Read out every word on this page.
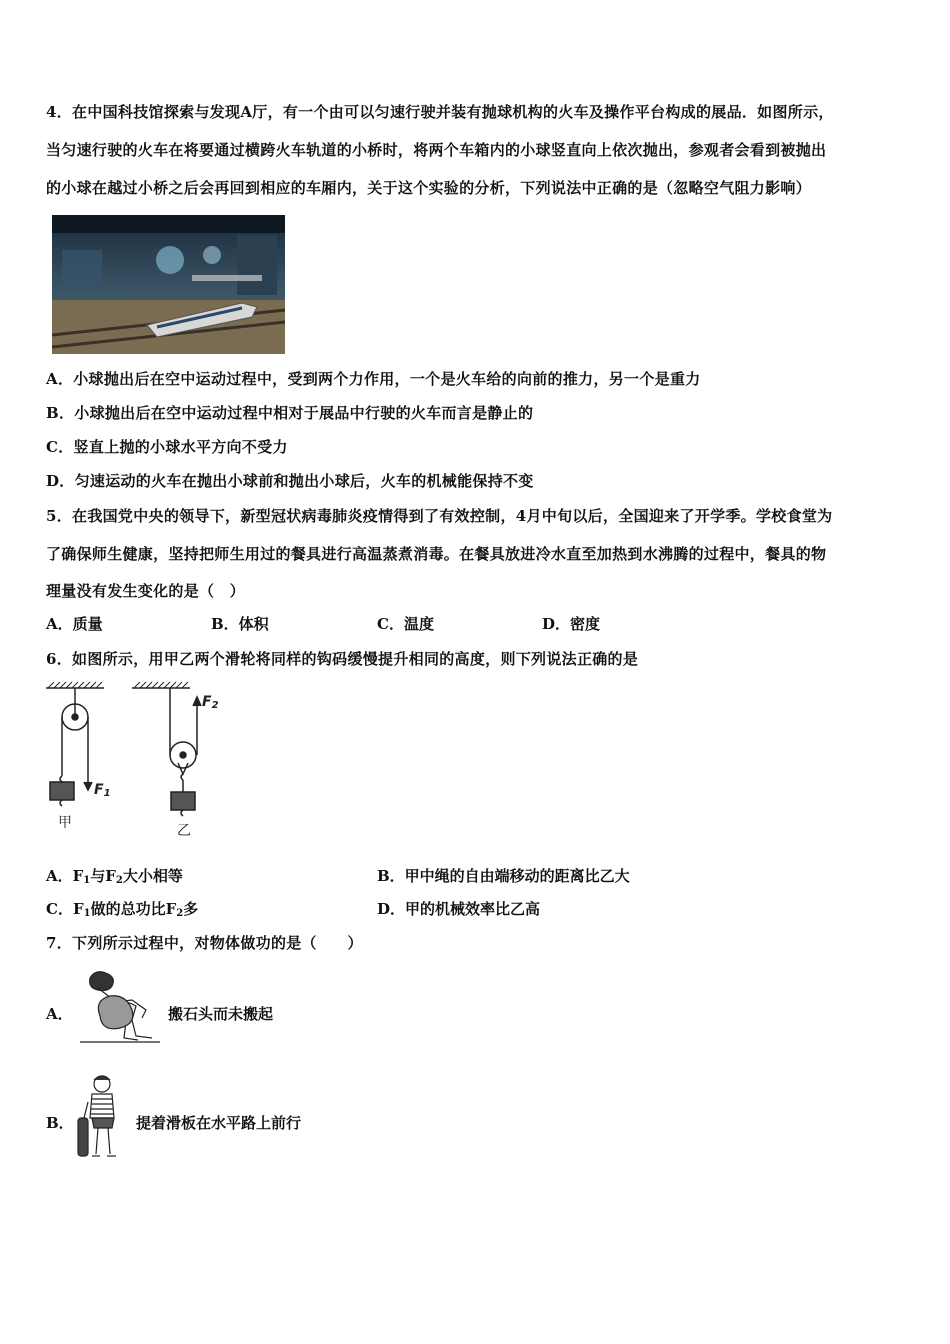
4．在中国科技馆探索与发现A厅，有一个由可以匀速行驶并装有抛球机构的火车及操作平台构成的展品．如图所示，
当匀速行驶的火车在将要通过横跨火车轨道的小桥时，将两个车箱内的小球竖直向上依次抛出，参观者会看到被抛出
的小球在越过小桥之后会再回到相应的车厢内，关于这个实验的分析，下列说法中正确的是（忽略空气阻力影响）
A．小球抛出后在空中运动过程中，受到两个力作用，一个是火车给的向前的推力，另一个是重力
B．小球抛出后在空中运动过程中相对于展品中行驶的火车而言是静止的
C．竖直上抛的小球水平方向不受力
D．匀速运动的火车在抛出小球前和抛出小球后，火车的机械能保持不变
5．在我国党中央的领导下，新型冠状病毒肺炎疫情得到了有效控制，4月中旬以后，全国迎来了开学季。学校食堂为
了确保师生健康，坚持把师生用过的餐具进行高温蒸煮消毒。在餐具放进冷水直至加热到水沸腾的过程中，餐具的物
理量没有发生变化的是（　）
A．质量	B．体积	C．温度	D．密度
6．如图所示，用甲乙两个滑轮将同样的钩码缓慢提升相同的高度，则下列说法正确的是
甲	乙
$F_1$
$F_2$
A．$F_1$与$F_2$大小相等	B．甲中绳的自由端移动的距离比乙大
C．$F_1$做的总功比$F_2$多	D．甲的机械效率比乙高
7．下列所示过程中，对物体做功的是（　　）
A．	搬石头而未搬起
B．	提着滑板在水平路上前行
